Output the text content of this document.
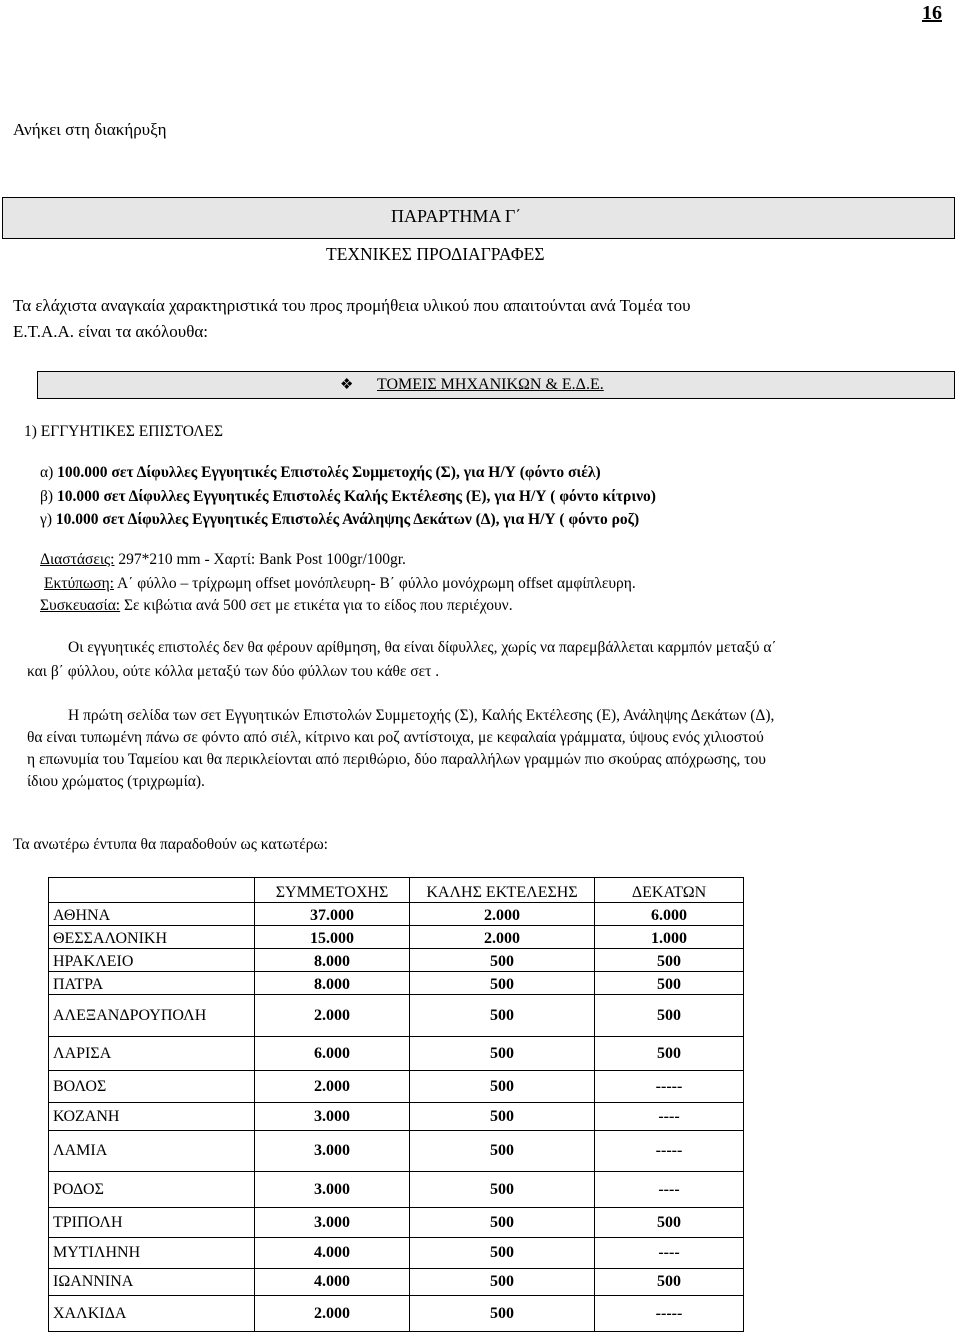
16
Ανήκει στη διακήρυξη
ΠΑΡΑΡΤΗΜΑ Γ΄
ΤΕΧΝΙΚΕΣ ΠΡΟΔΙΑΓΡΑΦΕΣ
Τα ελάχιστα αναγκαία χαρακτηριστικά του προς προμήθεια υλικού που απαιτούνται ανά Τομέα του
Ε.Τ.Α.Α. είναι τα ακόλουθα:
❖ ΤΟΜΕΙΣ ΜΗΧΑΝΙΚΩΝ & Ε.Δ.Ε.
1) ΕΓΓΥΗΤΙΚΕΣ ΕΠΙΣΤΟΛΕΣ
α) 100.000 σετ Δίφυλλες Εγγυητικές Επιστολές Συμμετοχής (Σ), για Η/Υ (φόντο σιέλ)
β) 10.000 σετ Δίφυλλες Εγγυητικές Επιστολές Καλής Εκτέλεσης (Ε), για Η/Υ ( φόντο κίτρινο)
γ) 10.000 σετ Δίφυλλες Εγγυητικές Επιστολές Ανάληψης Δεκάτων (Δ), για Η/Υ ( φόντο ροζ)
Διαστάσεις: 297*210 mm - Χαρτί: Bank Post 100gr/100gr.
Εκτύπωση: Α΄ φύλλο – τρίχρωμη offset μονόπλευρη- Β΄ φύλλο μονόχρωμη offset αμφίπλευρη.
Συσκευασία: Σε κιβώτια ανά 500 σετ με ετικέτα για το είδος που περιέχουν.
Οι εγγυητικές επιστολές δεν θα φέρουν αρίθμηση, θα είναι δίφυλλες, χωρίς να παρεμβάλλεται καρμπόν μεταξύ α΄
και β΄ φύλλου, ούτε κόλλα μεταξύ των δύο φύλλων του κάθε σετ .
Η πρώτη σελίδα των σετ Εγγυητικών Επιστολών Συμμετοχής (Σ), Καλής Εκτέλεσης (Ε), Ανάληψης Δεκάτων (Δ),
θα είναι τυπωμένη πάνω σε φόντο από σιέλ, κίτρινο και ροζ αντίστοιχα, με κεφαλαία γράμματα, ύψους ενός χιλιοστού
η επωνυμία του Ταμείου και θα περικλείονται από περιθώριο, δύο παραλλήλων γραμμών πιο σκούρας απόχρωσης, του
ίδιου χρώματος (τριχρωμία).
Τα ανωτέρω έντυπα θα παραδοθούν ως κατωτέρω:
	ΣΥΜΜΕΤΟΧΗΣ	ΚΑΛΗΣ ΕΚΤΕΛΕΣΗΣ	ΔΕΚΑΤΩΝ
ΑΘΗΝΑ	37.000	2.000	6.000
ΘΕΣΣΑΛΟΝΙΚΗ	15.000	2.000	1.000
ΗΡΑΚΛΕΙΟ	8.000	500	500
ΠΑΤΡΑ	8.000	500	500
ΑΛΕΞΑΝΔΡΟΥΠΟΛΗ	2.000	500	500
ΛΑΡΙΣΑ	6.000	500	500
ΒΟΛΟΣ	2.000	500	-----
ΚΟΖΑΝΗ	3.000	500	----
ΛΑΜΙΑ	3.000	500	-----
ΡΟΔΟΣ	3.000	500	----
ΤΡΙΠΟΛΗ	3.000	500	500
ΜΥΤΙΛΗΝΗ	4.000	500	----
ΙΩΑΝΝΙΝΑ	4.000	500	500
ΧΑΛΚΙΔΑ	2.000	500	-----
